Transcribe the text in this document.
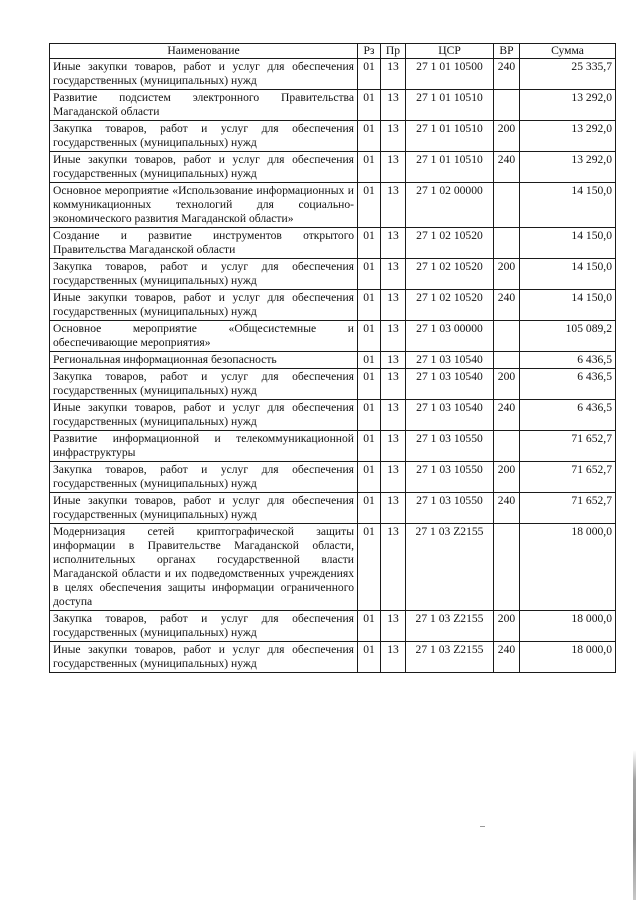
Наименование	Рз	Пр	ЦСР	ВР	Сумма
Иные закупки товаров, работ и услуг для обеспечения государственных (муниципальных) нужд	01	13	27 1 01 10500	240	25 335,7
Развитие подсистем электронного Правительства Магаданской области	01	13	27 1 01 10510		13 292,0
Закупка товаров, работ и услуг для обеспечения государственных (муниципальных) нужд	01	13	27 1 01 10510	200	13 292,0
Иные закупки товаров, работ и услуг для обеспечения государственных (муниципальных) нужд	01	13	27 1 01 10510	240	13 292,0
Основное мероприятие «Использование информационных и коммуникационных технологий для социально-экономического развития Магаданской области»	01	13	27 1 02 00000		14 150,0
Создание и развитие инструментов открытого Правительства Магаданской области	01	13	27 1 02 10520		14 150,0
Закупка товаров, работ и услуг для обеспечения государственных (муниципальных) нужд	01	13	27 1 02 10520	200	14 150,0
Иные закупки товаров, работ и услуг для обеспечения государственных (муниципальных) нужд	01	13	27 1 02 10520	240	14 150,0
Основное мероприятие «Общесистемные и обеспечивающие мероприятия»	01	13	27 1 03 00000		105 089,2
Региональная информационная безопасность	01	13	27 1 03 10540		6 436,5
Закупка товаров, работ и услуг для обеспечения государственных (муниципальных) нужд	01	13	27 1 03 10540	200	6 436,5
Иные закупки товаров, работ и услуг для обеспечения государственных (муниципальных) нужд	01	13	27 1 03 10540	240	6 436,5
Развитие информационной и телекоммуникационной инфраструктуры	01	13	27 1 03 10550		71 652,7
Закупка товаров, работ и услуг для обеспечения государственных (муниципальных) нужд	01	13	27 1 03 10550	200	71 652,7
Иные закупки товаров, работ и услуг для обеспечения государственных (муниципальных) нужд	01	13	27 1 03 10550	240	71 652,7
Модернизация сетей криптографической защиты информации в Правительстве Магаданской области, исполнительных органах государственной власти Магаданской области и их подведомственных учреждениях в целях обеспечения защиты информации ограниченного доступа	01	13	27 1 03 Z2155		18 000,0
Закупка товаров, работ и услуг для обеспечения государственных (муниципальных) нужд	01	13	27 1 03 Z2155	200	18 000,0
Иные закупки товаров, работ и услуг для обеспечения государственных (муниципальных) нужд	01	13	27 1 03 Z2155	240	18 000,0
